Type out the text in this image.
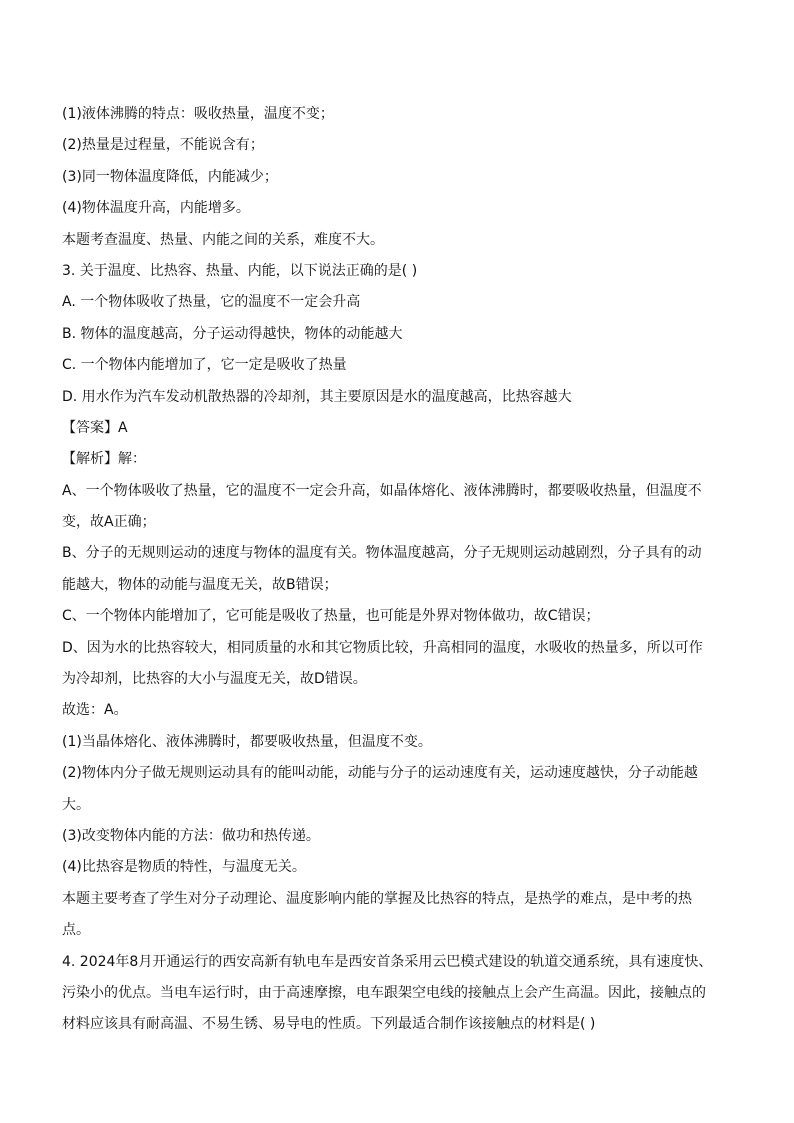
(1)液体沸腾的特点：吸收热量，温度不变；
(2)热量是过程量，不能说含有；
(3)同一物体温度降低，内能减少；
(4)物体温度升高，内能增多。
本题考查温度、热量、内能之间的关系，难度不大。
3. 关于温度、比热容、热量、内能，以下说法正确的是( )
A. 一个物体吸收了热量，它的温度不一定会升高
B. 物体的温度越高，分子运动得越快，物体的动能越大
C. 一个物体内能增加了，它一定是吸收了热量
D. 用水作为汽车发动机散热器的冷却剂，其主要原因是水的温度越高，比热容越大
【答案】A
【解析】解：
A、一个物体吸收了热量，它的温度不一定会升高，如晶体熔化、液体沸腾时，都要吸收热量，但温度不
变，故A正确；
B、分子的无规则运动的速度与物体的温度有关。物体温度越高，分子无规则运动越剧烈，分子具有的动
能越大，物体的动能与温度无关，故B错误；
C、一个物体内能增加了，它可能是吸收了热量，也可能是外界对物体做功，故C错误；
D、因为水的比热容较大，相同质量的水和其它物质比较，升高相同的温度，水吸收的热量多，所以可作
为冷却剂，比热容的大小与温度无关，故D错误。
故选：A。
(1)当晶体熔化、液体沸腾时，都要吸收热量，但温度不变。
(2)物体内分子做无规则运动具有的能叫动能，动能与分子的运动速度有关，运动速度越快，分子动能越
大。
(3)改变物体内能的方法：做功和热传递。
(4)比热容是物质的特性，与温度无关。
本题主要考查了学生对分子动理论、温度影响内能的掌握及比热容的特点，是热学的难点，是中考的热
点。
4. 2024年8月开通运行的西安高新有轨电车是西安首条采用云巴模式建设的轨道交通系统，具有速度快、
污染小的优点。当电车运行时，由于高速摩擦，电车跟架空电线的接触点上会产生高温。因此，接触点的
材料应该具有耐高温、不易生锈、易导电的性质。下列最适合制作该接触点的材料是( )
